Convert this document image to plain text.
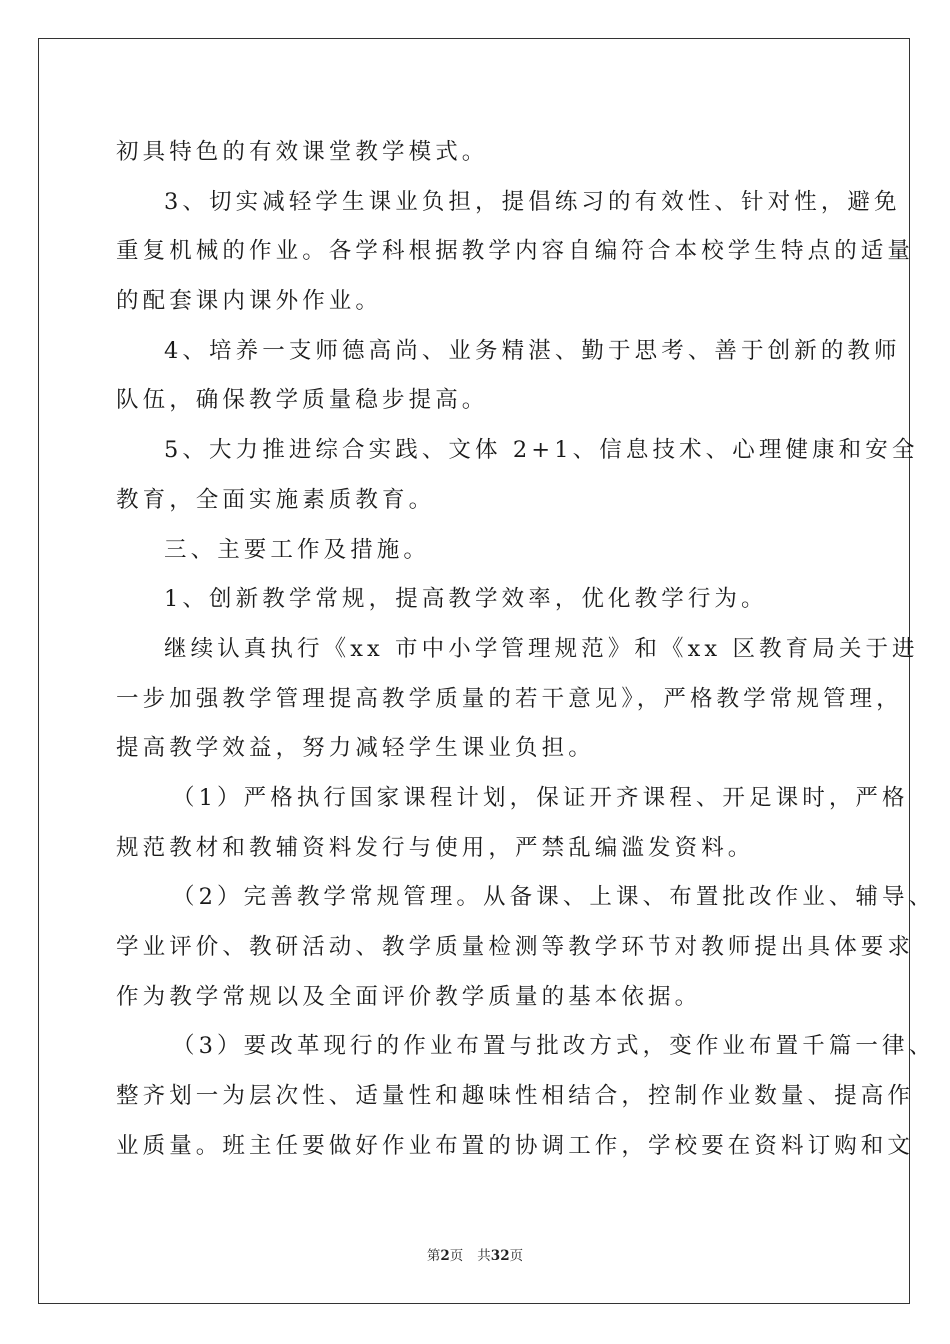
初具特色的有效课堂教学模式。
3、切实减轻学生课业负担，提倡练习的有效性、针对性，避免
重复机械的作业。各学科根据教学内容自编符合本校学生特点的适量
的配套课内课外作业。
4、培养一支师德高尚、业务精湛、勤于思考、善于创新的教师
队伍，确保教学质量稳步提高。
5、大力推进综合实践、文体 2+1、信息技术、心理健康和安全
教育，全面实施素质教育。
三、主要工作及措施。
1、创新教学常规，提高教学效率，优化教学行为。
继续认真执行《xx 市中小学管理规范》和《xx 区教育局关于进
一步加强教学管理提高教学质量的若干意见》，严格教学常规管理，
提高教学效益，努力减轻学生课业负担。
（1）严格执行国家课程计划，保证开齐课程、开足课时，严格
规范教材和教辅资料发行与使用，严禁乱编滥发资料。
（2）完善教学常规管理。从备课、上课、布置批改作业、辅导、
学业评价、教研活动、教学质量检测等教学环节对教师提出具体要求
作为教学常规以及全面评价教学质量的基本依据。
（3）要改革现行的作业布置与批改方式，变作业布置千篇一律、
整齐划一为层次性、适量性和趣味性相结合，控制作业数量、提高作
业质量。班主任要做好作业布置的协调工作，学校要在资料订购和文
第2页 共32页
